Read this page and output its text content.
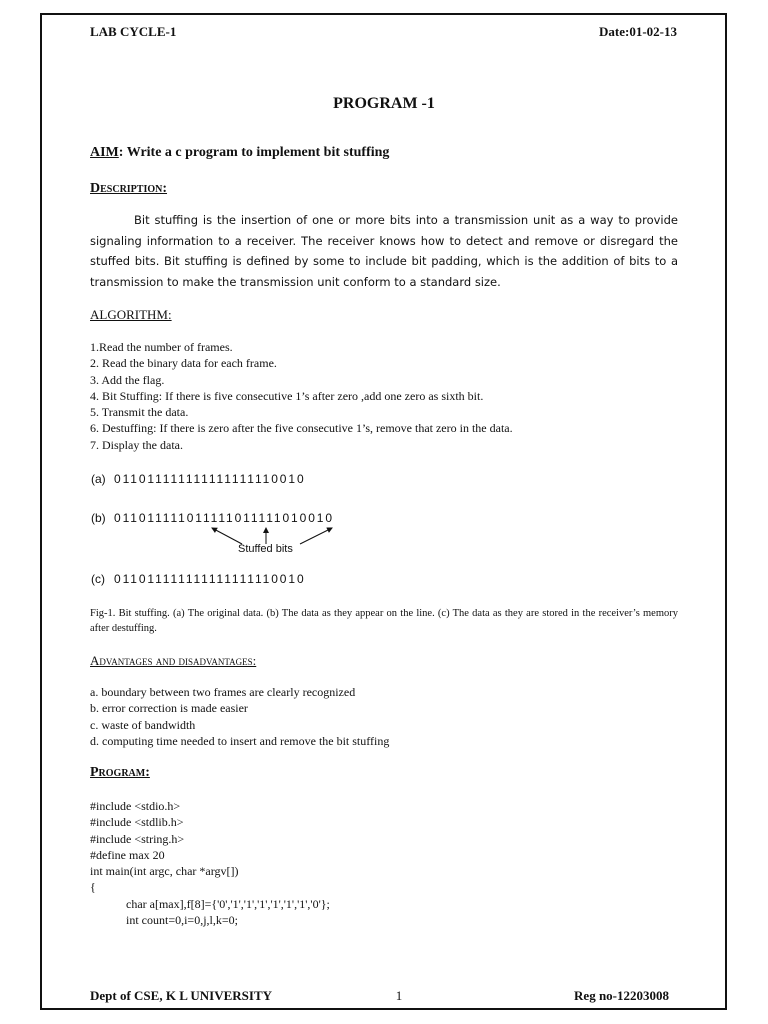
LAB CYCLE-1	Date:01-02-13
PROGRAM -1
AIM: Write a c program to implement bit stuffing
Description:
Bit stuffing is the insertion of one or more bits into a transmission unit as a way to provide signaling information to a receiver. The receiver knows how to detect and remove or disregard the stuffed bits. Bit stuffing is defined by some to include bit padding, which is the addition of bits to a transmission to make the transmission unit conform to a standard size.
ALGORITHM:
1.Read the number of frames.
2. Read the binary data for each frame.
3. Add the flag.
4. Bit Stuffing: If there is five consecutive 1’s after zero ,add one zero as sixth bit.
5. Transmit the data.
6. Destuffing: If there is zero after the five consecutive 1’s, remove that zero in the data.
7. Display the data.
(a) 011011111111111111110010
(b) 011011111011111011111010010
Stuffed bits
(c) 011011111111111111110010
Fig-1. Bit stuffing. (a) The original data. (b) The data as they appear on the line. (c) The data as they are stored in the receiver’s memory after destuffing.
Advantages and disadvantages:
a. boundary between two frames are clearly recognized
b. error correction is made easier
c. waste of bandwidth
d. computing time needed to insert and remove the bit stuffing
Program:
#include <stdio.h>
#include <stdlib.h>
#include <string.h>
#define max 20
int main(int argc, char *argv[])
{
char a[max],f[8]={'0','1','1','1','1','1','1','0'};
int count=0,i=0,j,l,k=0;
Dept of CSE, K L UNIVERSITY	1	Reg no-12203008
